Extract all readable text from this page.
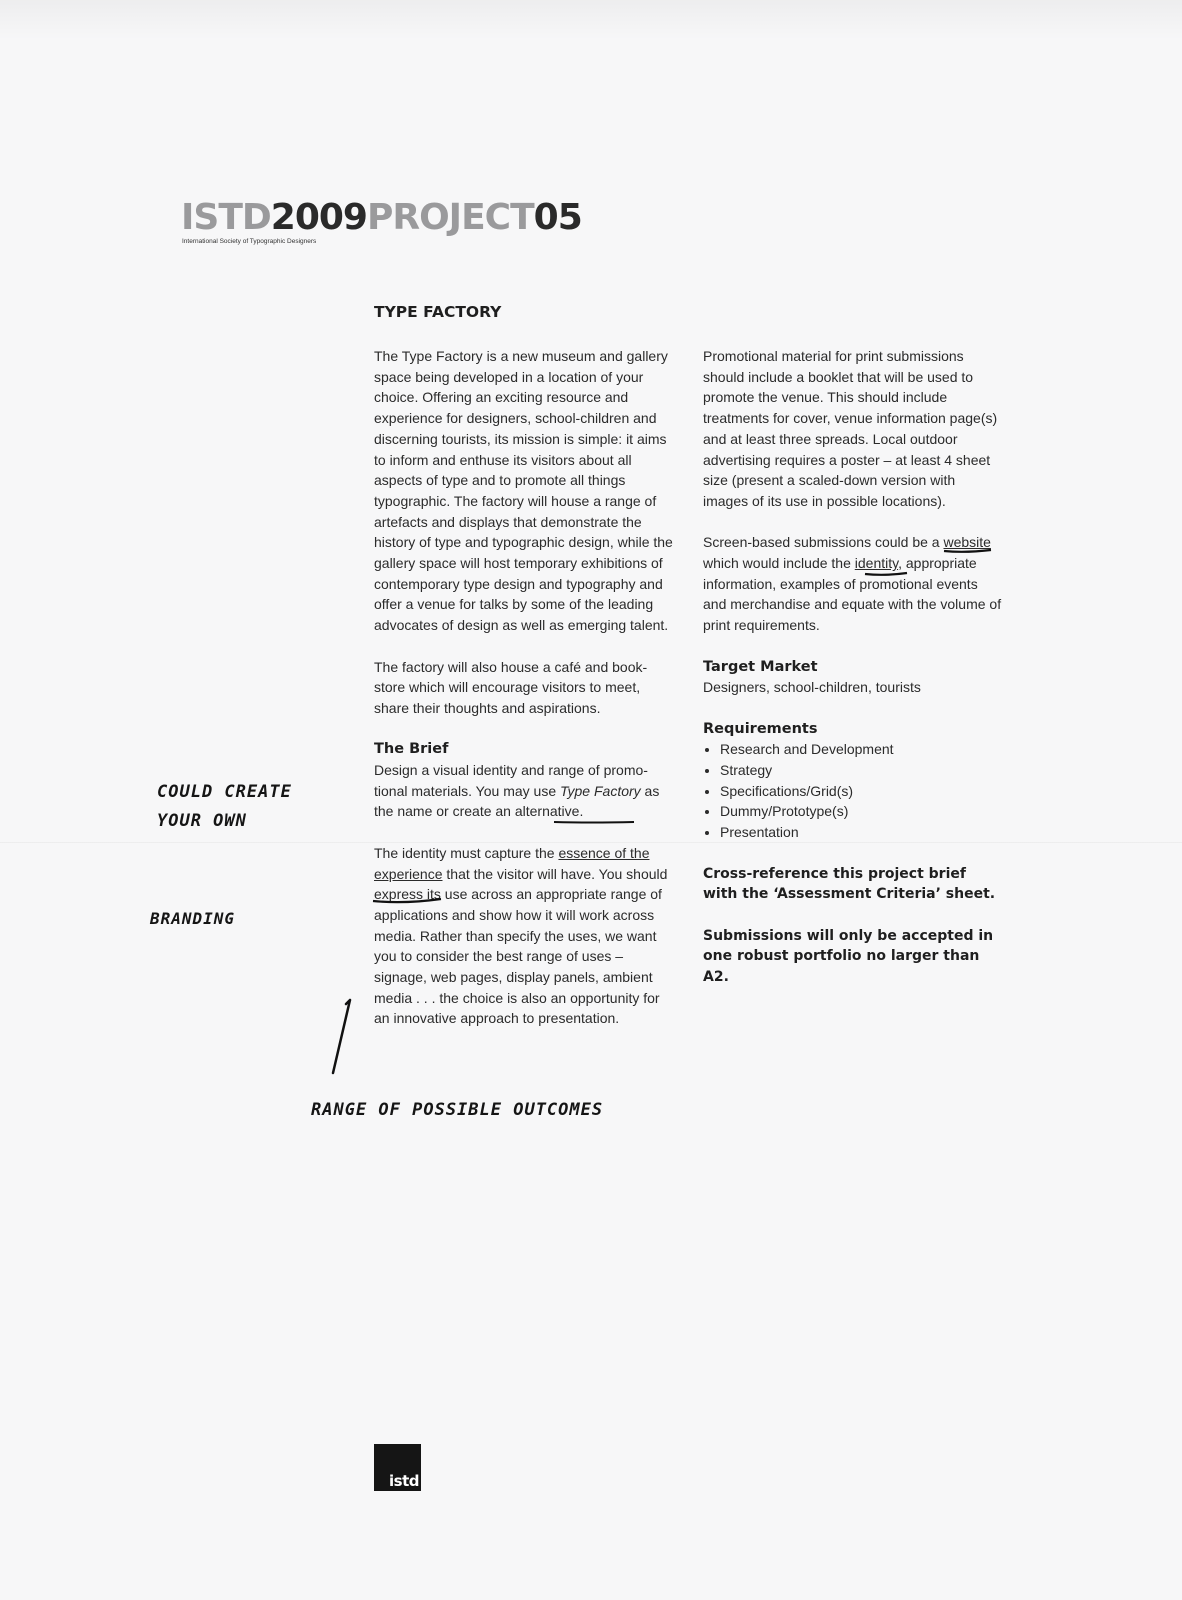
ISTD2009PROJECT05
International Society of Typographic Designers
TYPE FACTORY

The Type Factory is a new museum and gallery space being developed in a location of your choice. Offering an exciting resource and experience for designers, school-children and discerning tourists, its mission is simple: it aims to inform and enthuse its visitors about all aspects of type and to promote all things typographic. The factory will house a range of artefacts and displays that demonstrate the history of type and typographic design, while the gallery space will host temporary exhibitions of contemporary type design and typography and offer a venue for talks by some of the leading advocates of design as well as emerging talent.

The factory will also house a café and book-store which will encourage visitors to meet, share their thoughts and aspirations.

The Brief

Design a visual identity and range of promo-tional materials. You may use Type Factory as the name or create an alternative.

The identity must capture the essence of the experience that the visitor will have. You should express its use across an appropriate range of applications and show how it will work across media. Rather than specify the uses, we want you to consider the best range of uses – signage, web pages, display panels, ambient media . . . the choice is also an opportunity for an innovative approach to presentation.

Promotional material for print submissions should include a booklet that will be used to promote the venue. This should include treatments for cover, venue information page(s) and at least three spreads. Local outdoor advertising requires a poster – at least 4 sheet size (present a scaled-down version with images of its use in possible locations).

Screen-based submissions could be a website which would include the identity, appropriate information, examples of promotional events and merchandise and equate with the volume of print requirements.

Target Market

Designers, school-children, tourists

Requirements
• Research and Development
• Strategy
• Specifications/Grid(s)
• Dummy/Prototype(s)
• Presentation
Cross-reference this project brief with the ‘Assessment Criteria’ sheet.
Submissions will only be accepted in one robust portfolio no larger than A2.
COULD CREATE
YOUR OWN
BRANDING
RANGE OF POSSIBLE OUTCOMES
istd
